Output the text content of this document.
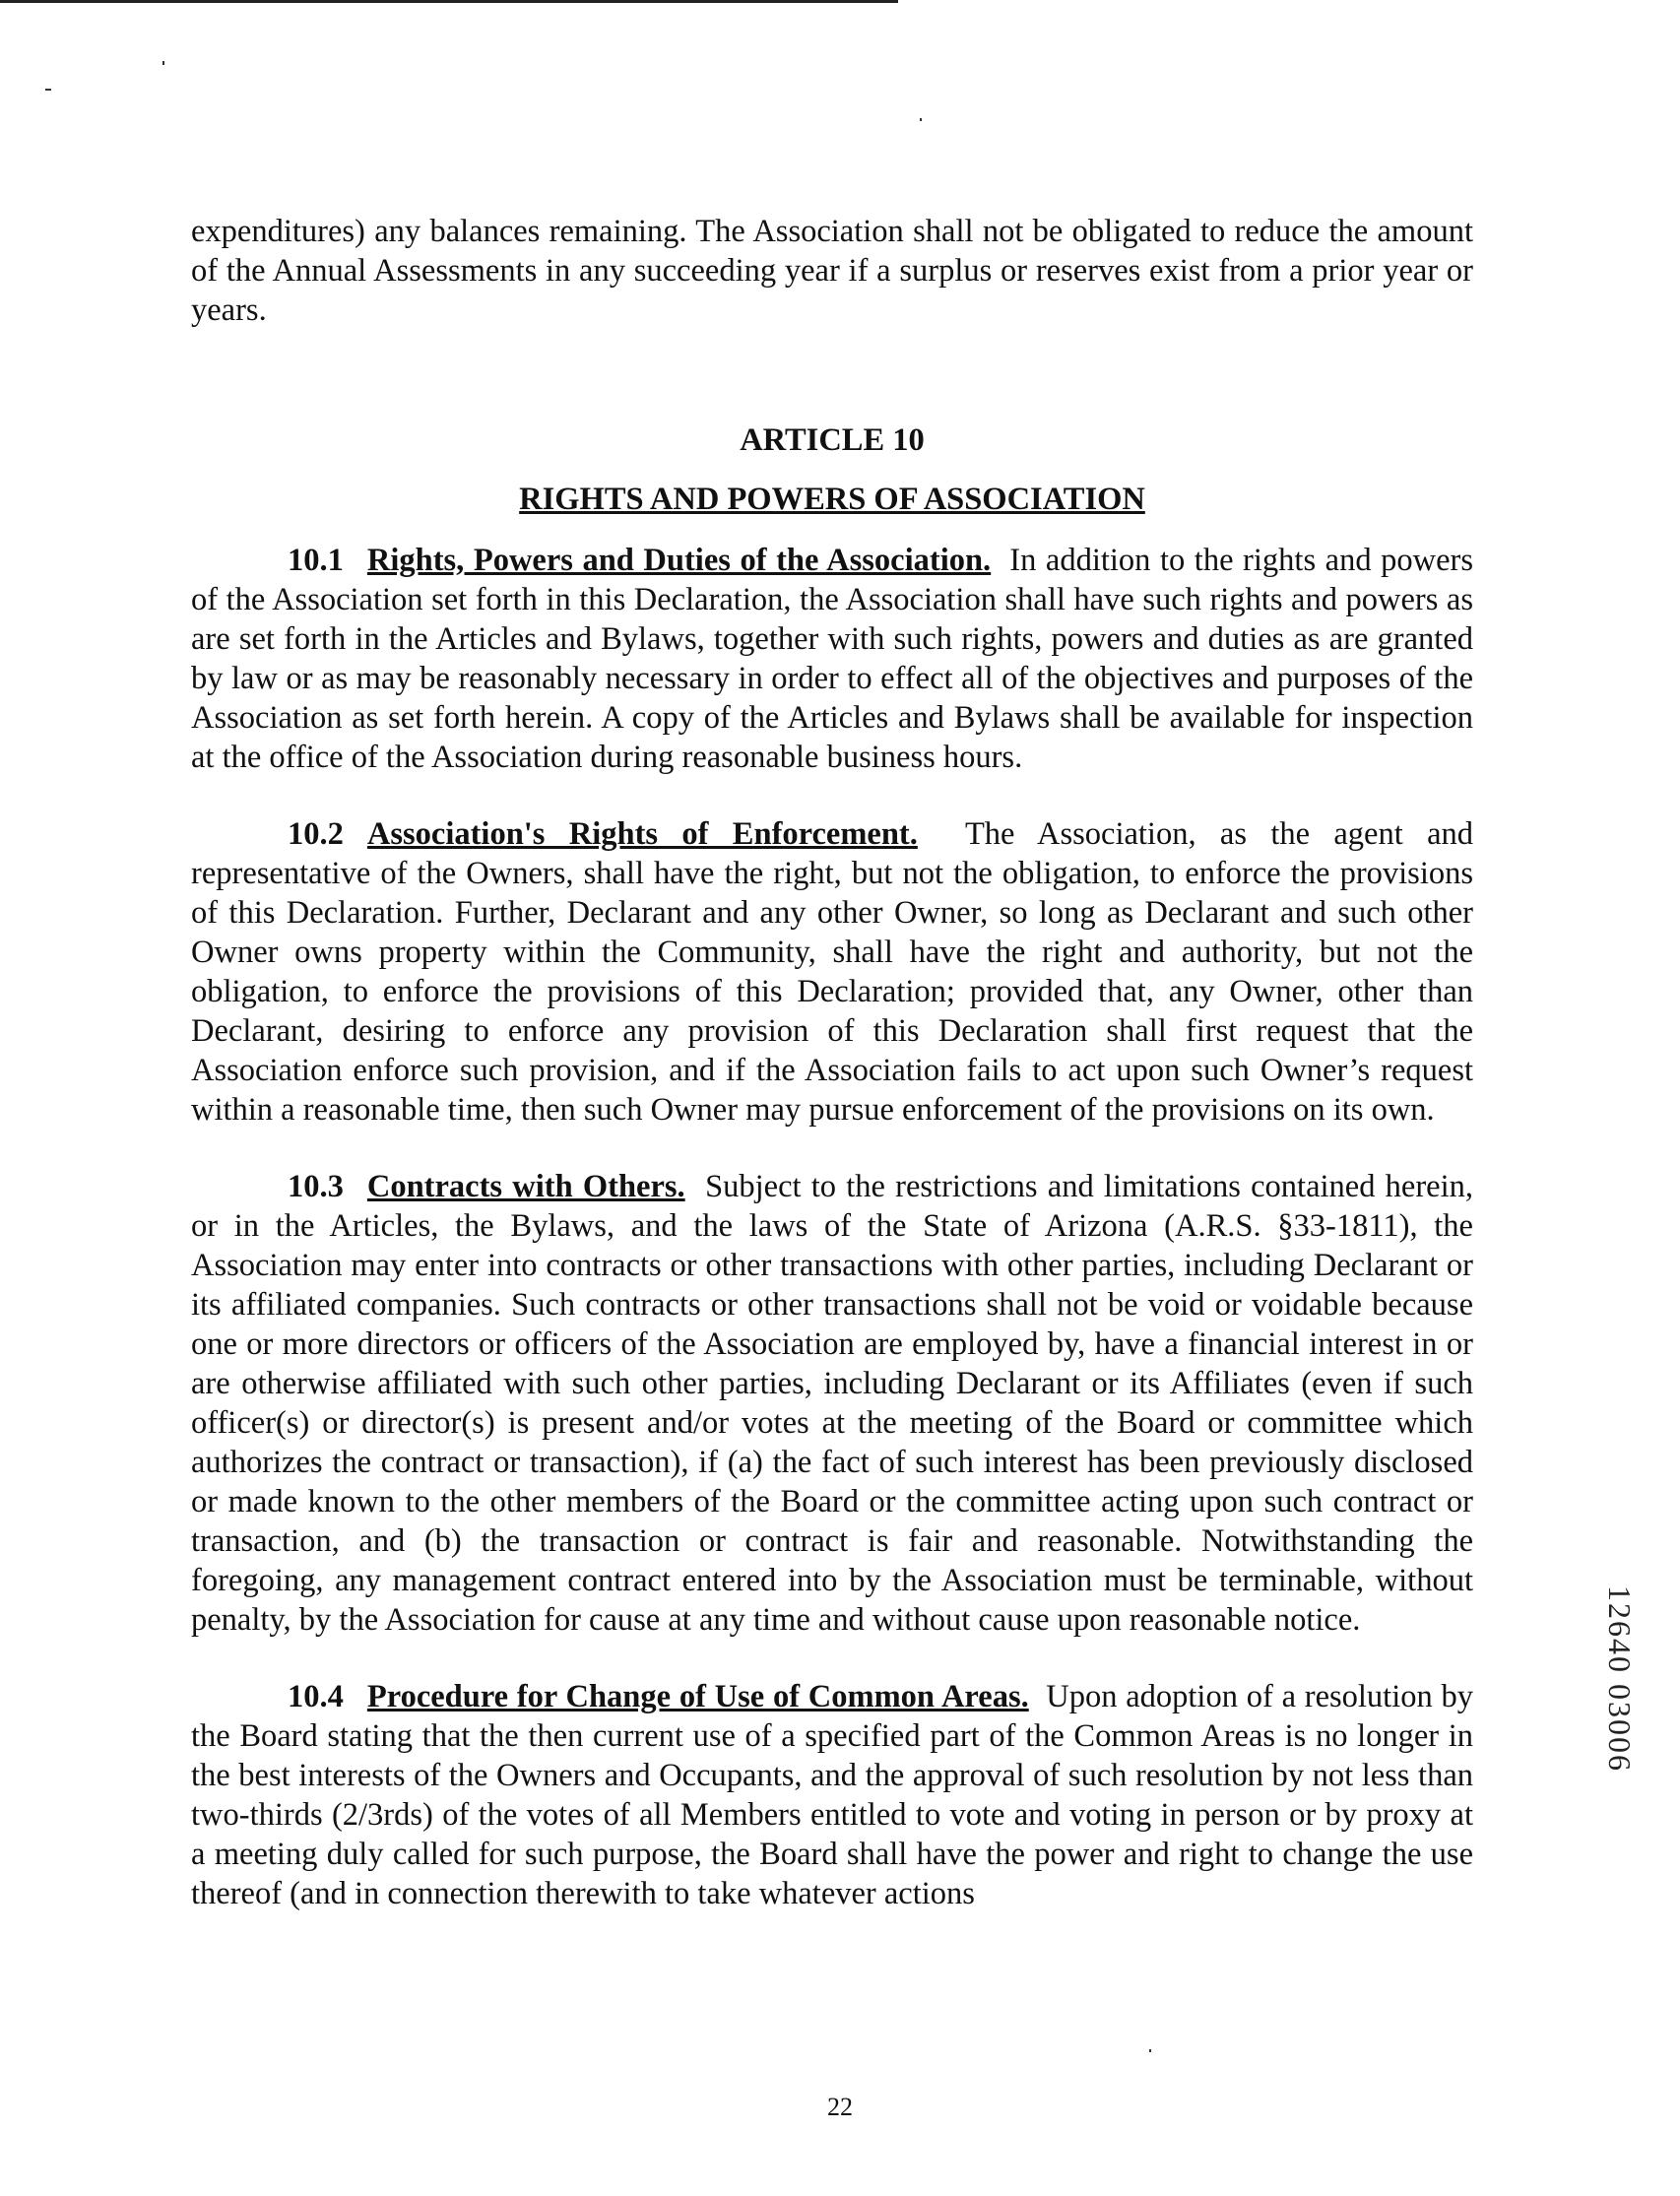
expenditures) any balances remaining. The Association shall not be obligated to reduce the amount of the Annual Assessments in any succeeding year if a surplus or reserves exist from a prior year or years.

ARTICLE 10

RIGHTS AND POWERS OF ASSOCIATION

10.1 Rights, Powers and Duties of the Association. In addition to the rights and powers of the Association set forth in this Declaration, the Association shall have such rights and powers as are set forth in the Articles and Bylaws, together with such rights, powers and duties as are granted by law or as may be reasonably necessary in order to effect all of the objectives and purposes of the Association as set forth herein. A copy of the Articles and Bylaws shall be available for inspection at the office of the Association during reasonable business hours.

10.2 Association's Rights of Enforcement. The Association, as the agent and representative of the Owners, shall have the right, but not the obligation, to enforce the provisions of this Declaration. Further, Declarant and any other Owner, so long as Declarant and such other Owner owns property within the Community, shall have the right and authority, but not the obligation, to enforce the provisions of this Declaration; provided that, any Owner, other than Declarant, desiring to enforce any provision of this Declaration shall first request that the Association enforce such provision, and if the Association fails to act upon such Owner’s request within a reasonable time, then such Owner may pursue enforcement of the provisions on its own.

10.3 Contracts with Others. Subject to the restrictions and limitations contained herein, or in the Articles, the Bylaws, and the laws of the State of Arizona (A.R.S. §33-1811), the Association may enter into contracts or other transactions with other parties, including Declarant or its affiliated companies. Such contracts or other transactions shall not be void or voidable because one or more directors or officers of the Association are employed by, have a financial interest in or are otherwise affiliated with such other parties, including Declarant or its Affiliates (even if such officer(s) or director(s) is present and/or votes at the meeting of the Board or committee which authorizes the contract or transaction), if (a) the fact of such interest has been previously disclosed or made known to the other members of the Board or the committee acting upon such contract or transaction, and (b) the transaction or contract is fair and reasonable. Notwithstanding the foregoing, any management contract entered into by the Association must be terminable, without penalty, by the Association for cause at any time and without cause upon reasonable notice.

10.4 Procedure for Change of Use of Common Areas. Upon adoption of a resolution by the Board stating that the then current use of a specified part of the Common Areas is no longer in the best interests of the Owners and Occupants, and the approval of such resolution by not less than two-thirds (2/3rds) of the votes of all Members entitled to vote and voting in person or by proxy at a meeting duly called for such purpose, the Board shall have the power and right to change the use thereof (and in connection therewith to take whatever actions

22
12640 03006
